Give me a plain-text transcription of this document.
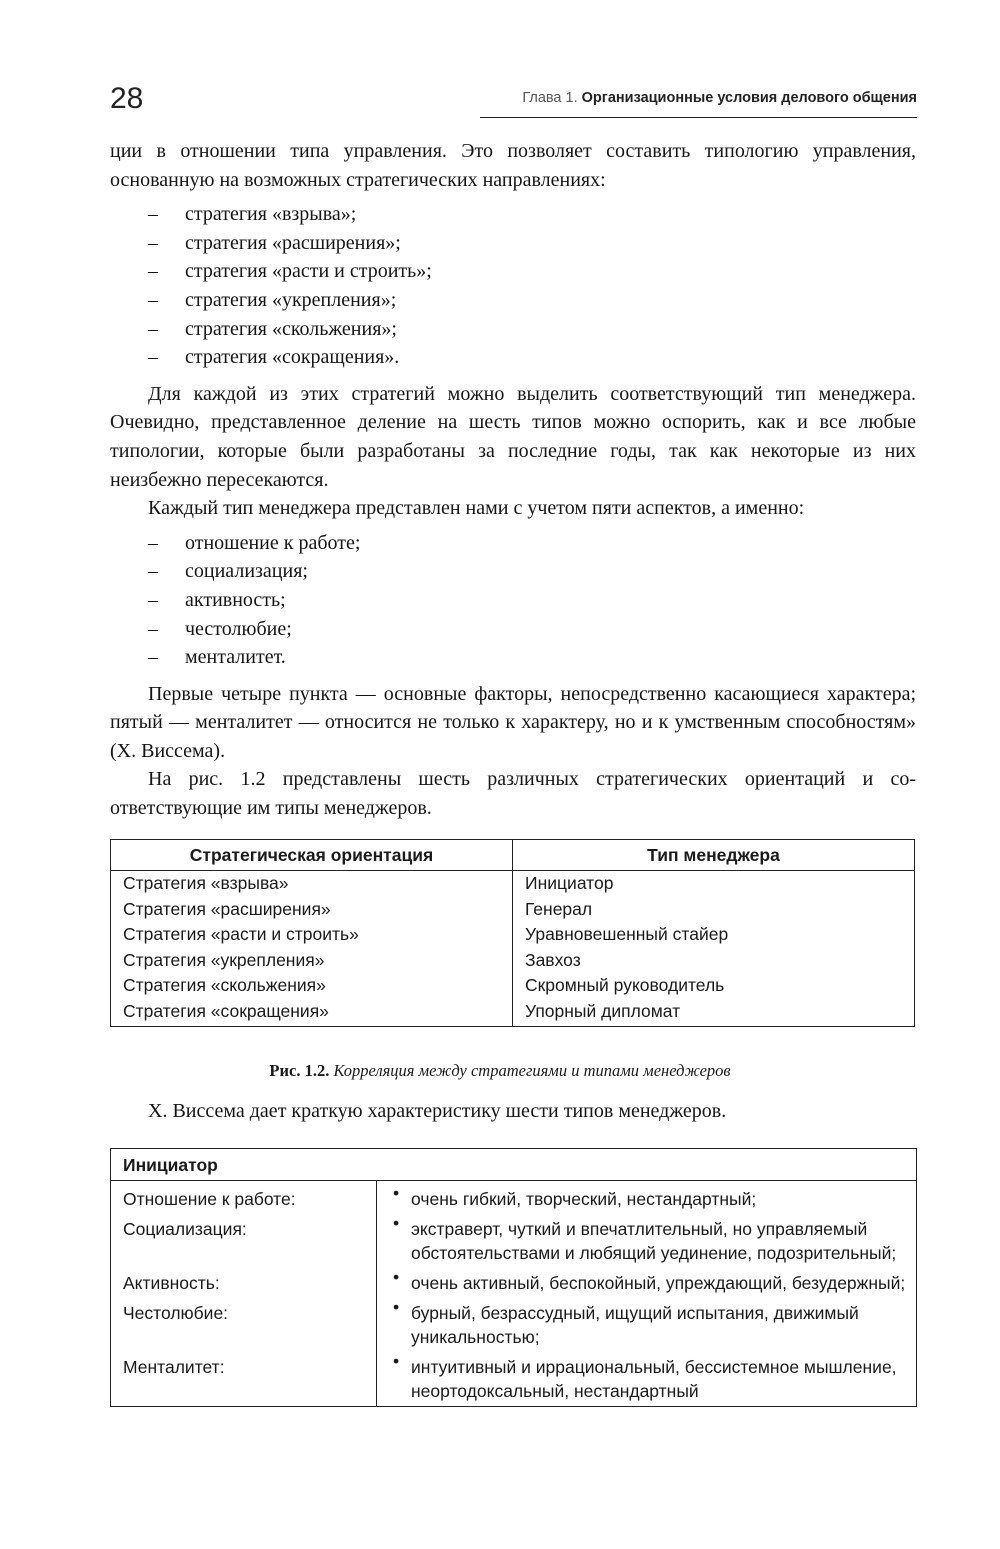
28	Глава 1. Организационные условия делового общения

ции в отношении типа управления. Это позволяет составить типологию управления, основанную на возможных стратегических направлениях:

– стратегия «взрыва»;
– стратегия «расширения»;
– стратегия «расти и строить»;
– стратегия «укрепления»;
– стратегия «скольжения»;
– стратегия «сокращения».

Для каждой из этих стратегий можно выделить соответствующий тип менеджера. Очевидно, представленное деление на шесть типов можно оспорить, как и все любые типологии, которые были разработаны за последние годы, так как некоторые из них неизбежно пересекаются.

Каждый тип менеджера представлен нами с учетом пяти аспектов, а именно:

– отношение к работе;
– социализация;
– активность;
– честолюбие;
– менталитет.

Первые четыре пункта — основные факторы, непосредственно касающиеся характера; пятый — менталитет — относится не только к характеру, но и к умственным способностям» (Х. Виссема).

На рис. 1.2 представлены шесть различных стратегических ориентаций и соответствующие им типы менеджеров.

Стратегическая ориентация	Тип менеджера
Стратегия «взрыва»	Инициатор
Стратегия «расширения»	Генерал
Стратегия «расти и строить»	Уравновешенный стайер
Стратегия «укрепления»	Завхоз
Стратегия «скольжения»	Скромный руководитель
Стратегия «сокращения»	Упорный дипломат
Рис. 1.2. Корреляция между стратегиями и типами менеджеров
Х. Виссема дает краткую характеристику шести типов менеджеров.
Инициатор	
Отношение к работе:	• очень гибкий, творческий, нестандартный;
Социализация:	• экстраверт, чуткий и впечатлительный, но управляемый обстоятельствами и любящий уединение, подозрительный;
Активность:	• очень активный, беспокойный, упреждающий, безудержный;
Честолюбие:	• бурный, безрассудный, ищущий испытания, движимый уникальностью;
Менталитет:	• интуитивный и иррациональный, бессистемное мышление, неортодоксальный, нестандартный
